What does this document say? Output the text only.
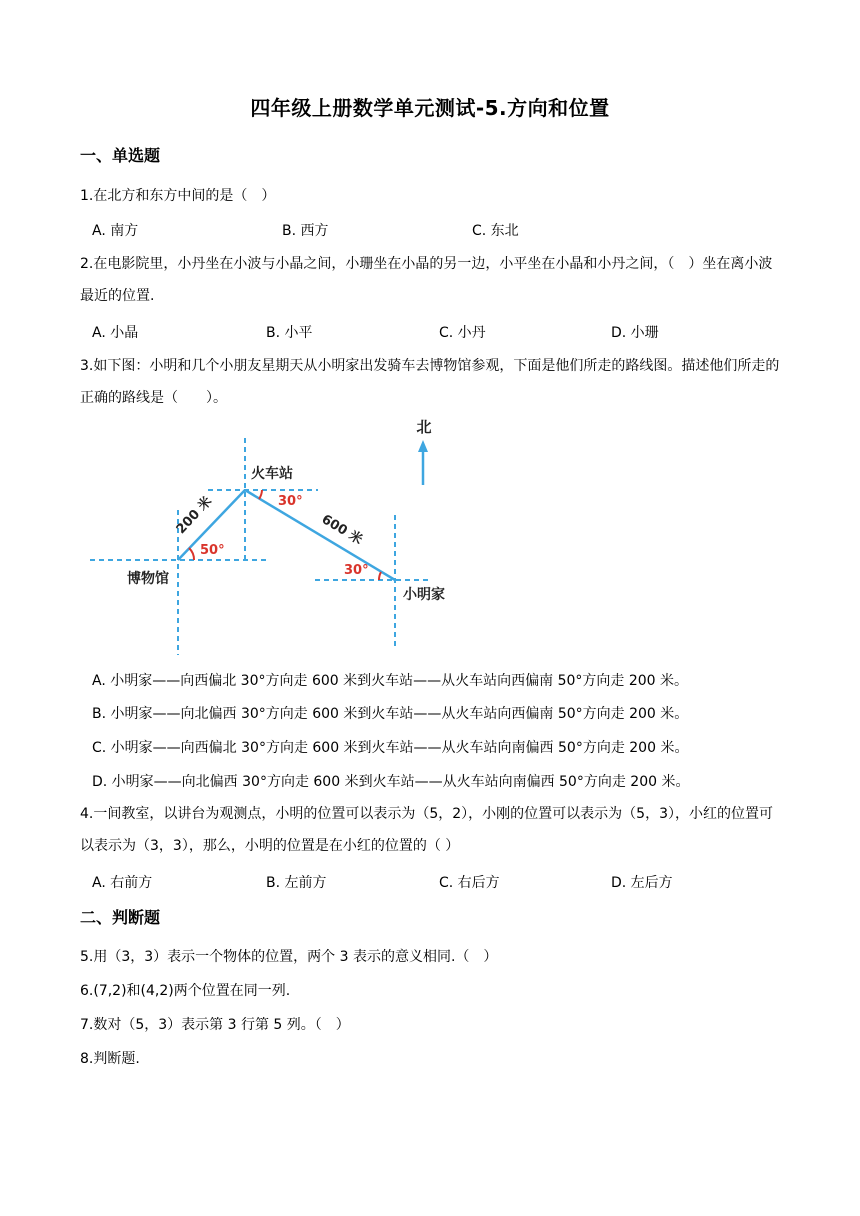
四年级上册数学单元测试-5.方向和位置
一、单选题
1.在北方和东方中间的是（　）
A. 南方	B. 西方	C. 东北
2.在电影院里，小丹坐在小波与小晶之间，小珊坐在小晶的另一边，小平坐在小晶和小丹之间，（　）坐在离小波最近的位置.
A. 小晶	B. 小平	C. 小丹	D. 小珊
3.如下图：小明和几个小朋友星期天从小明家出发骑车去博物馆参观，下面是他们所走的路线图。描述他们所走的正确的路线是（　　）。
北
火车站
博物馆
小明家
200 米	600 米
30°
50°
30°
A. 小明家——向西偏北 30°方向走 600 米到火车站——从火车站向西偏南 50°方向走 200 米。
B. 小明家——向北偏西 30°方向走 600 米到火车站——从火车站向西偏南 50°方向走 200 米。
C. 小明家——向西偏北 30°方向走 600 米到火车站——从火车站向南偏西 50°方向走 200 米。
D. 小明家——向北偏西 30°方向走 600 米到火车站——从火车站向南偏西 50°方向走 200 米。
4.一间教室，以讲台为观测点，小明的位置可以表示为（5，2），小刚的位置可以表示为（5，3），小红的位置可以表示为（3，3），那么，小明的位置是在小红的位置的（ ）
A. 右前方	B. 左前方	C. 右后方	D. 左后方
二、判断题
5.用（3，3）表示一个物体的位置，两个 3 表示的意义相同.（　）
6.(7,2)和(4,2)两个位置在同一列.
7.数对（5，3）表示第 3 行第 5 列。（　）
8.判断题.
